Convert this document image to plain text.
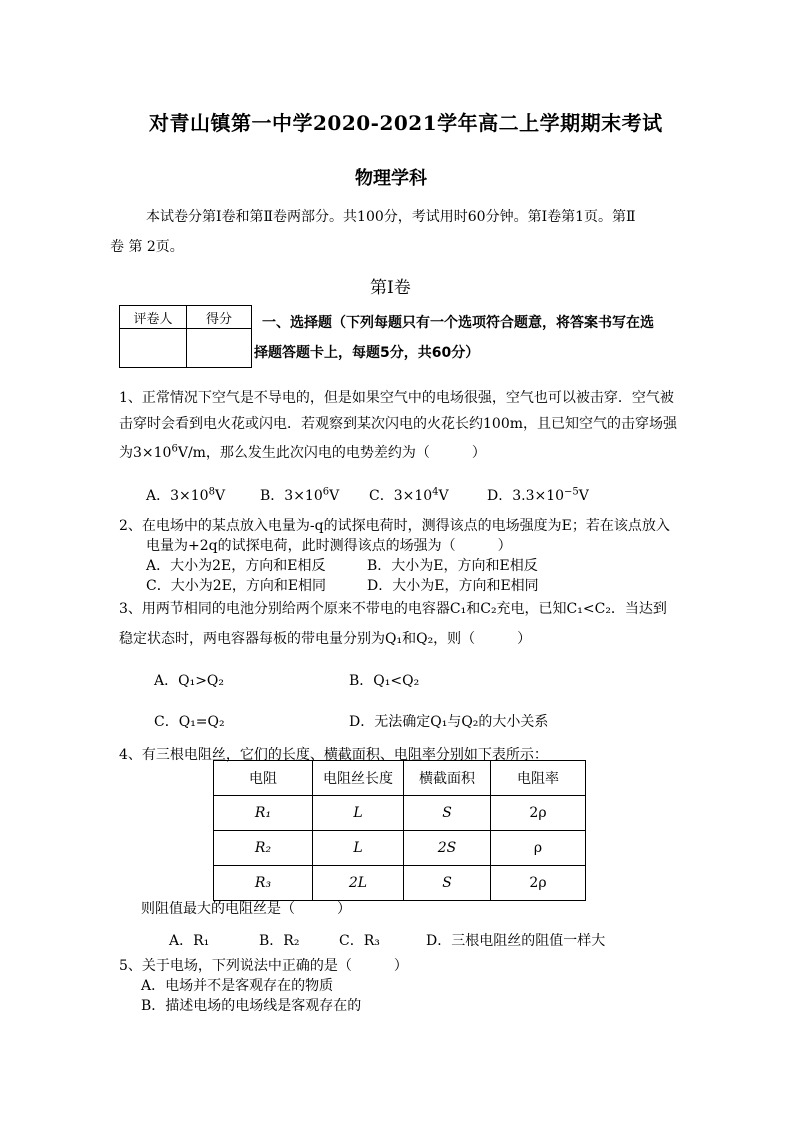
对青山镇第一中学2020-2021学年高二上学期期末考试
物理学科
本试卷分第Ⅰ卷和第Ⅱ卷两部分。共100分，考试用时60分钟。第Ⅰ卷第1页。第Ⅱ
卷 第 2页。
第Ⅰ卷
评卷人	得分
	一、选择题（下列每题只有一个选项符合题意，将答案书写在选
择题答题卡上，每题5分，共60分）
1、正常情况下空气是不导电的，但是如果空气中的电场很强，空气也可以被击穿．空气被
击穿时会看到电火花或闪电．若观察到某次闪电的火花长约100m，且已知空气的击穿场强
为$3\times 10^6V/m$，那么发生此次闪电的电势差约为（　　　）
A．$3\times 10^8V$ B．$3\times 10^6V$ C．$3\times 10^4V$	D．$3.3\times 10^{-5}V$
2、在电场中的某点放入电量为-q的试探电荷时，测得该点的电场强度为E；若在该点放入
电量为+2q的试探电荷，此时测得该点的场强为（　　　）
A．大小为2E，方向和E相反	B．大小为E，方向和E相反
C．大小为2E，方向和E相同	D．大小为E，方向和E相同
3、用两节相同的电池分别给两个原来不带电的电容器C₁和C₂充电，已知C₁<C₂．当达到
稳定状态时，两电容器每板的带电量分别为Q₁和Q₂，则（　　　）
A．Q₁>Q₂	B．Q₁<Q₂
C．Q₁=Q₂	D．无法确定Q₁与Q₂的大小关系
4、有三根电阻丝，它们的长度、横截面积、电阻率分别如下表所示：
电阻	电阻丝长度	横截面积	电阻率
R₁	L	S	2ρ
R₂	L	2S	ρ
R₃	2L	S	2ρ
则阻值最大的电阻丝是（　　　）
A．R₁	B．R₂	C．R₃	D．三根电阻丝的阻值一样大
5、关于电场，下列说法中正确的是（　　　）
A．电场并不是客观存在的物质
B．描述电场的电场线是客观存在的
